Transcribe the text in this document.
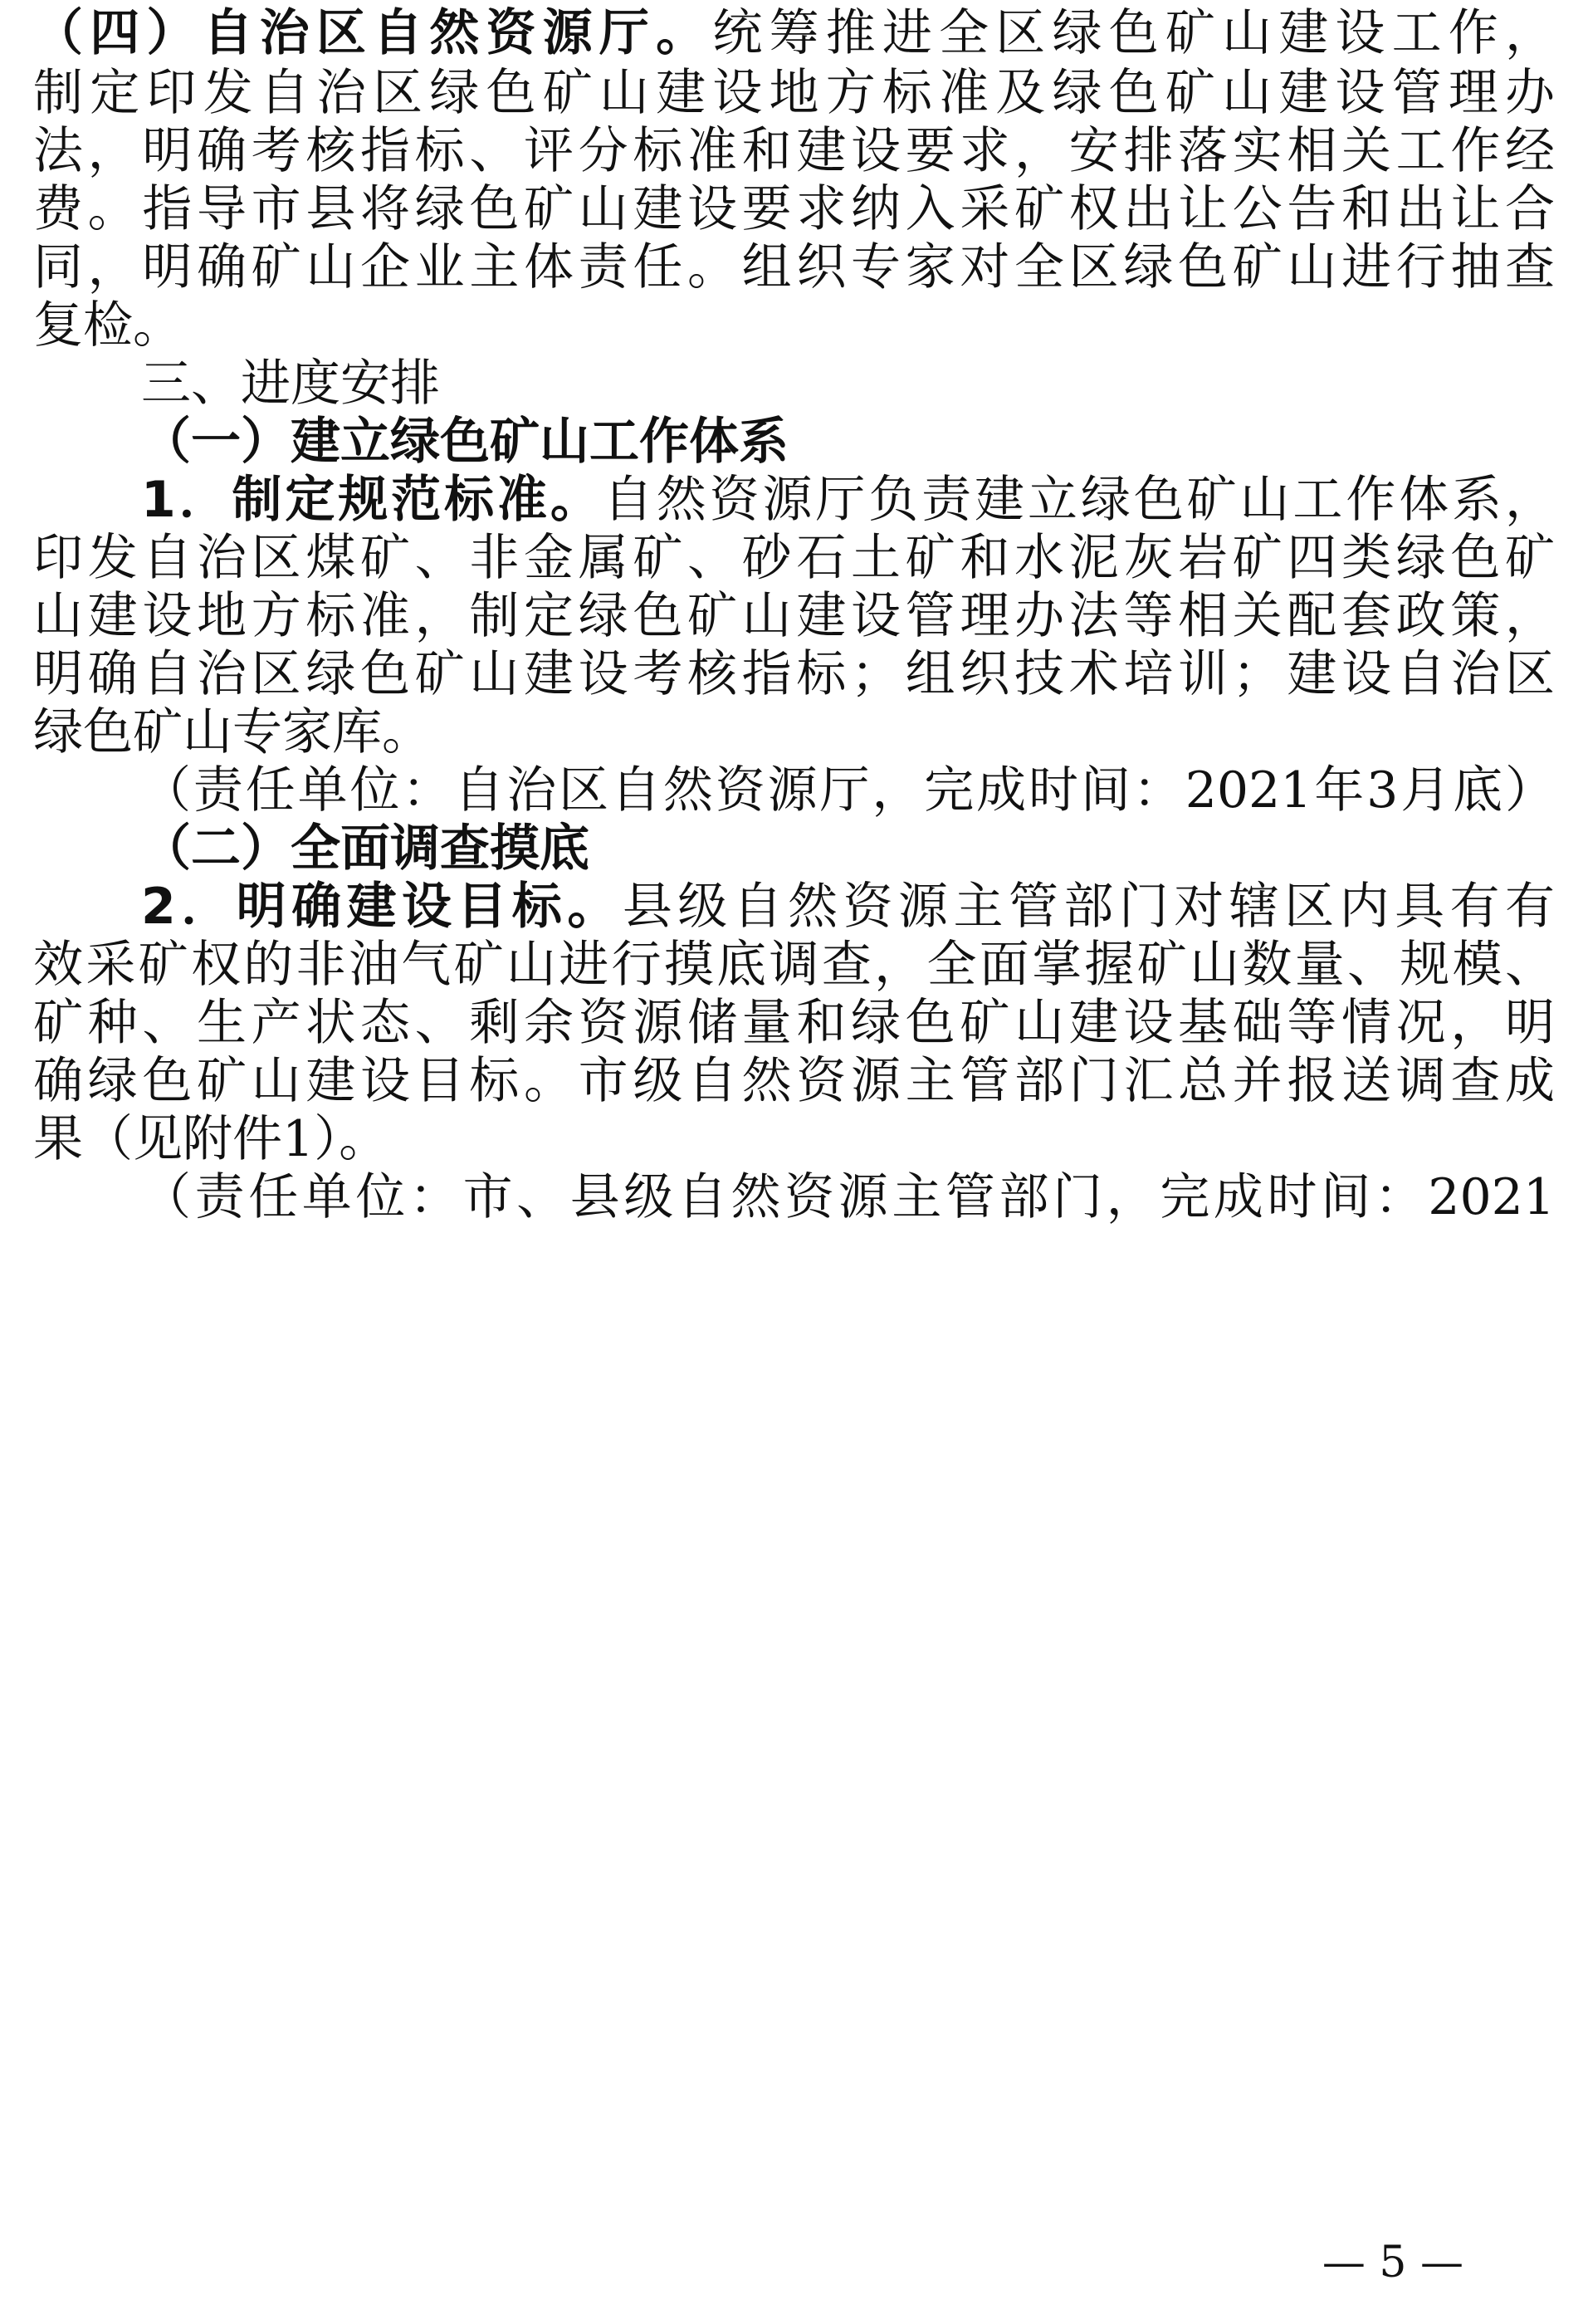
（四）自治区自然资源厅。统筹推进全区绿色矿山建设工作，
制定印发自治区绿色矿山建设地方标准及绿色矿山建设管理办
法，明确考核指标、评分标准和建设要求，安排落实相关工作经
费。指导市县将绿色矿山建设要求纳入采矿权出让公告和出让合
同，明确矿山企业主体责任。组织专家对全区绿色矿山进行抽查
复检。
三、进度安排
（一）建立绿色矿山工作体系
1．制定规范标准。自然资源厅负责建立绿色矿山工作体系，
印发自治区煤矿、非金属矿、砂石土矿和水泥灰岩矿四类绿色矿
山建设地方标准，制定绿色矿山建设管理办法等相关配套政策，
明确自治区绿色矿山建设考核指标；组织技术培训；建设自治区
绿色矿山专家库。
（责任单位：自治区自然资源厅，完成时间：2021年3月底）
（二）全面调查摸底
2．明确建设目标。县级自然资源主管部门对辖区内具有有
效采矿权的非油气矿山进行摸底调查，全面掌握矿山数量、规模、
矿种、生产状态、剩余资源储量和绿色矿山建设基础等情况，明
确绿色矿山建设目标。市级自然资源主管部门汇总并报送调查成
果（见附件1）。
（责任单位：市、县级自然资源主管部门，完成时间：2021
— 5 —
